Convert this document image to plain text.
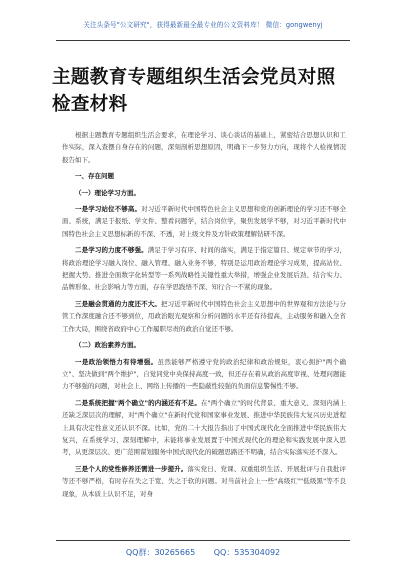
关注头条号"公文研究"，获得最新最全最专业的公文资料库！ 微信：gongwenyj
主题教育专题组织生活会党员对照检查材料

根据主题教育专题组织生活会要求，在理论学习、谈心谈话的基础上，紧密结合思想认识和工作实际，深入查摆自身存在的问题，深刻剖析思想原因，明确下一步努力方向，现将个人检视情况报告如下。

一、存在问题

（一）理论学习方面。

一是学习站位不够高。对习近平新时代中国特色社会主义思想和党的创新理论的学习还不够全面、系统，满足于报纸、学文件、整看问题学，结合岗位学，聚焦发展学不够，对习近平新时代中国特色社会主义思想标新的不深、不透，对上级文件及方针政策理解钻研不深。

二是学习的力度不够强。满足于学习有序、时间的落实，满足于指定篇目、规定章节的学习，将政治理论学习融入岗位、融入管理、融入业务不够，特别是运用政治理论学习成果，提高站位、把握大势、推进全面数字化转型等一系列战略性关键性重大举措，增强企业发展后劲、结合实力、品牌形象、社会影响力等方面，存在学思践悟不深、知行合一不紧的现象。

三是融会贯通的力度还不大。把习近平新时代中国特色社会主义思想中的世界观和方法论与分管工作深度融合还不够到位，用政治眼光观察和分析问题的水平还有待提高，主动服务和融入全省工作大局，围绕省政府中心工作履职尽责的政治自觉还不够。

（二）政治素养方面。

一是政治领悟力有待增强。虽然能够严格遵守党的政治纪律和政治规矩，衷心拥护"两个确立"、坚决做到"两个维护"，自觉同党中央保持高度一致，但还存在着从政治高度审视、处理问题能力不够强的问题，对社会上、网络上传播的一些隐蔽性较强的负面信息警惕性不够。

二是系统把握"两个确立"的内涵还有不足。在"两个确立"的时代背景、重大意义、深刻内涵上还缺乏深层次的理解，对"两个确立"在新时代党和国家事业发展、推进中华民族伟大复兴历史进程上具有决定性意义还认识不深。比如，党的二十大报告指出了中国式现代化全面推进中华民族伟大复兴，在系统学习、深刻理解中，未能将事业发展置于中国式现代化的理论和实践发展中深入思考，从更深层次、更广范围谋划服务中国式现代化的破题思路还不明确，结合实际落实还不深入。

三是个人的党性修养还需进一步提升。落实党日、党课、双重组织生活、开展批评与自我批评等还不够严格，有时存在失之于宽、失之于软的问题。对当前社会上一些"高级红""低级黑"等不良现象，从本质上认识不足，对身

QQ群：30265665 QQ：535304092
